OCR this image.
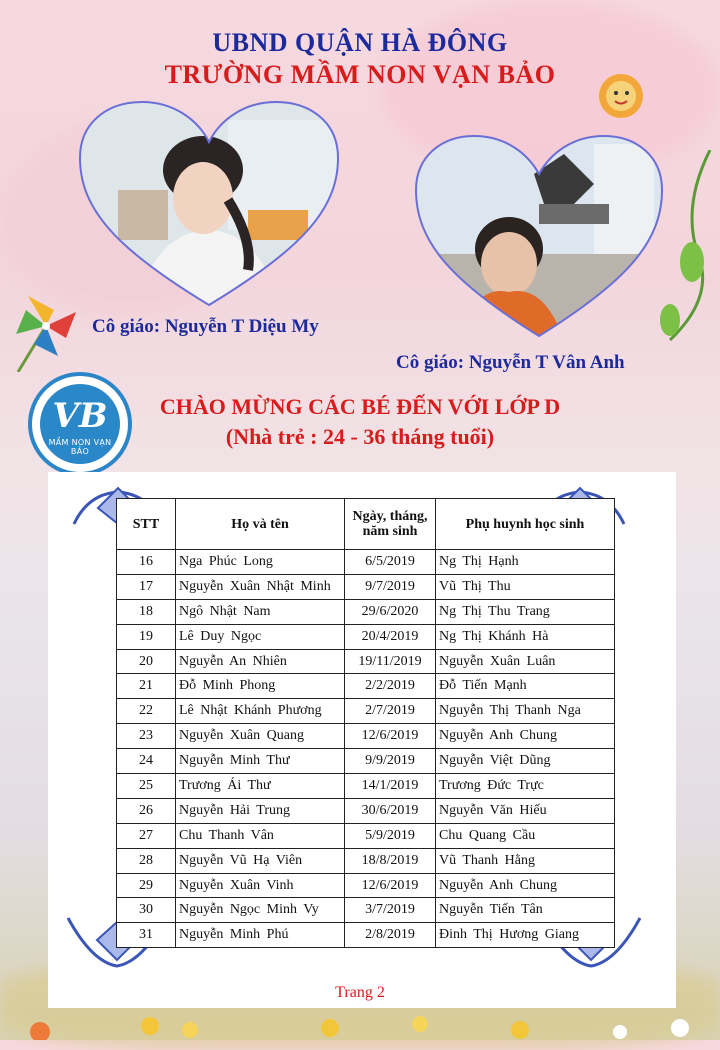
UBND QUẬN HÀ ĐÔNG
TRƯỜNG MẦM NON VẠN BẢO
Cô giáo: Nguyễn T Diệu My
Cô giáo: Nguyễn T Vân Anh
VB
MẦM NON VẠN BẢO
CHÀO MỪNG CÁC BÉ ĐẾN VỚI LỚP D
(Nhà trẻ : 24 - 36 tháng tuổi)
STT	Họ và tên	Ngày, tháng, năm sinh	Phụ huynh học sinh
16	Nga Phúc Long	6/5/2019	Ng Thị Hạnh
17	Nguyễn Xuân Nhật Minh	9/7/2019	Vũ Thị Thu
18	Ngô Nhật Nam	29/6/2020	Ng Thị Thu Trang
19	Lê Duy Ngọc	20/4/2019	Ng Thị Khánh Hà
20	Nguyễn An Nhiên	19/11/2019	Nguyễn Xuân Luân
21	Đỗ Minh Phong	2/2/2019	Đỗ Tiến Mạnh
22	Lê Nhật Khánh Phương	2/7/2019	Nguyễn Thị Thanh Nga
23	Nguyễn Xuân Quang	12/6/2019	Nguyễn Anh Chung
24	Nguyễn Minh Thư	9/9/2019	Nguyễn Việt Dũng
25	Trương Ái Thư	14/1/2019	Trương Đức Trực
26	Nguyễn Hải Trung	30/6/2019	Nguyễn Văn Hiếu
27	Chu Thanh Vân	5/9/2019	Chu Quang Cầu
28	Nguyễn Vũ Hạ Viên	18/8/2019	Vũ Thanh Hằng
29	Nguyễn Xuân Vinh	12/6/2019	Nguyễn Anh Chung
30	Nguyễn Ngọc Minh Vy	3/7/2019	Nguyễn Tiến Tân
31	Nguyễn Minh Phú	2/8/2019	Đinh Thị Hương Giang
Trang 2
